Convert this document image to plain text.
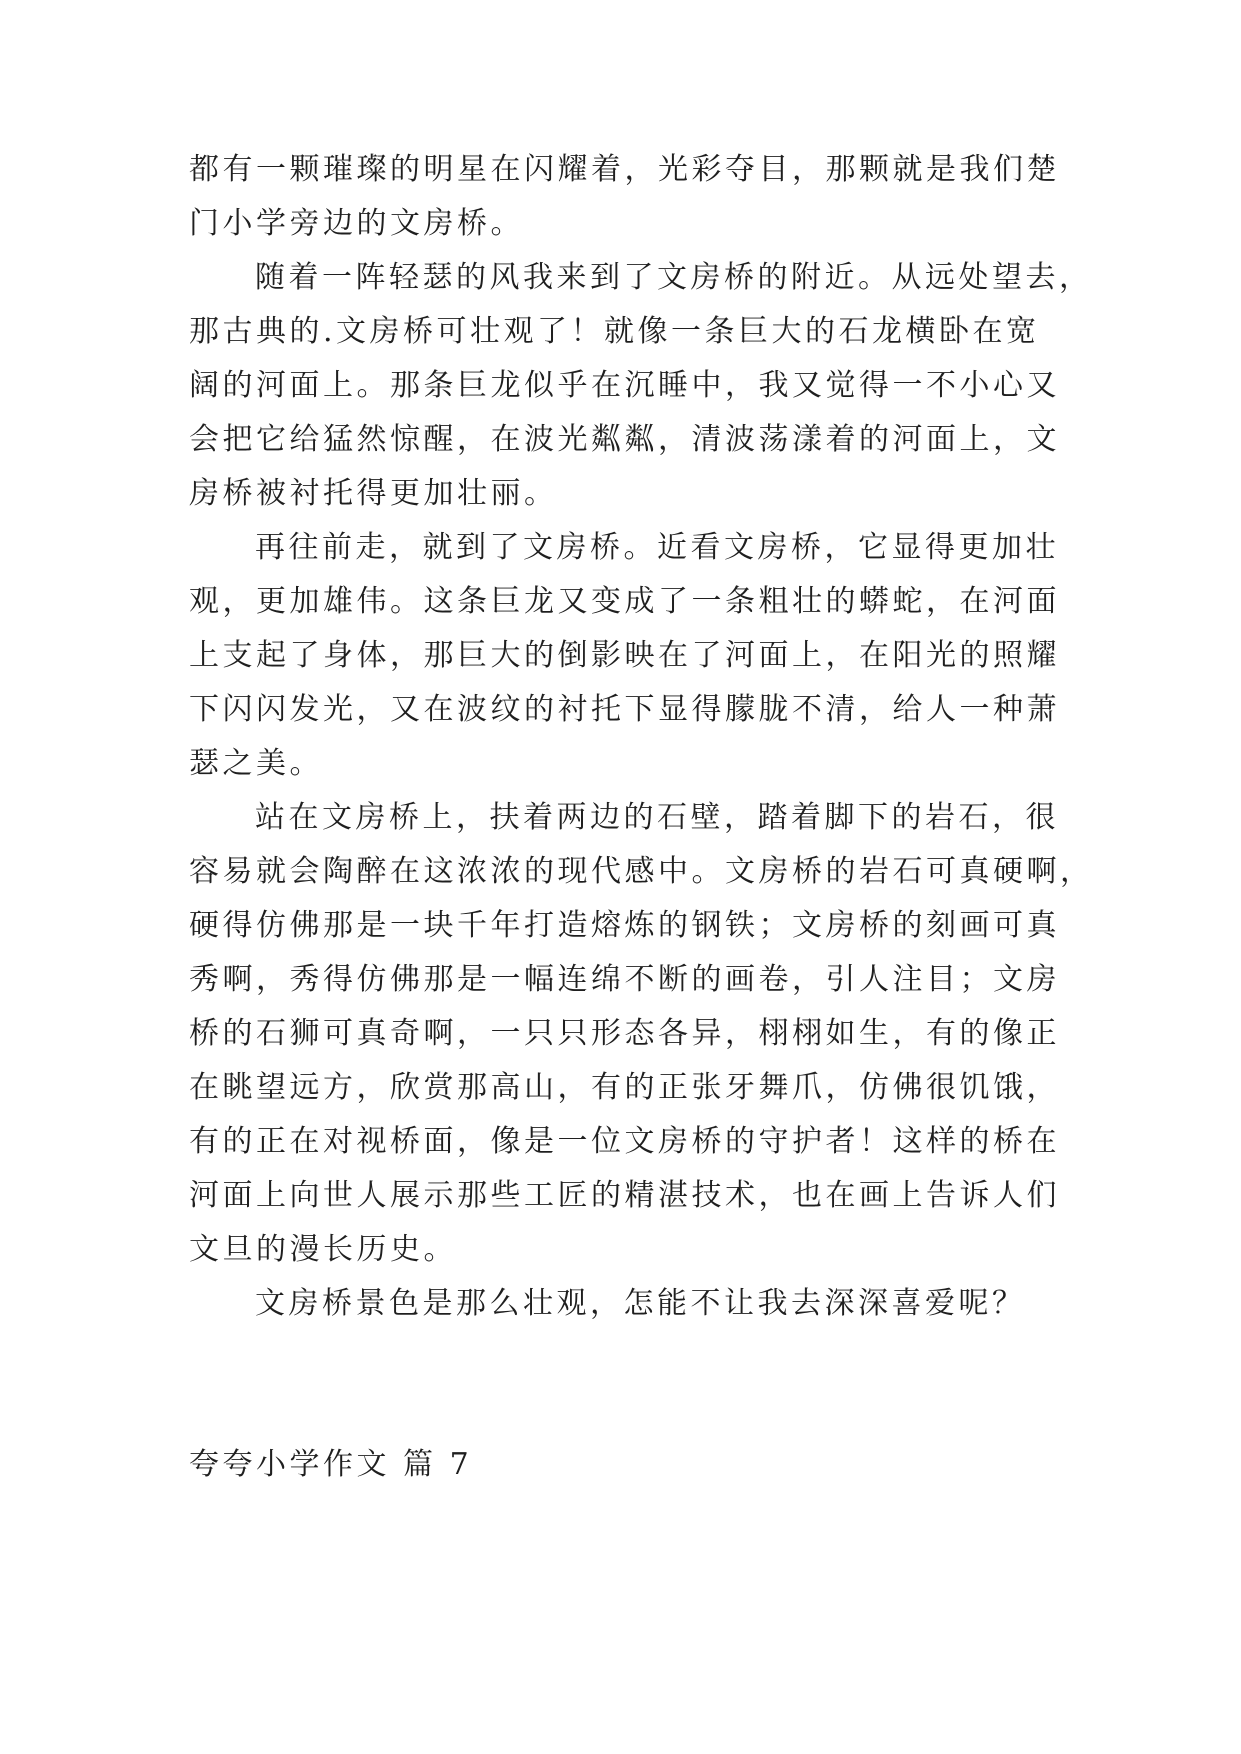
都有一颗璀璨的明星在闪耀着，光彩夺目，那颗就是我们楚
门小学旁边的文房桥。
随着一阵轻瑟的风我来到了文房桥的附近。从远处望去，
那古典的.文房桥可壮观了！就像一条巨大的石龙横卧在宽
阔的河面上。那条巨龙似乎在沉睡中，我又觉得一不小心又
会把它给猛然惊醒，在波光粼粼，清波荡漾着的河面上，文
房桥被衬托得更加壮丽。
再往前走，就到了文房桥。近看文房桥，它显得更加壮
观，更加雄伟。这条巨龙又变成了一条粗壮的蟒蛇，在河面
上支起了身体，那巨大的倒影映在了河面上，在阳光的照耀
下闪闪发光，又在波纹的衬托下显得朦胧不清，给人一种萧
瑟之美。
站在文房桥上，扶着两边的石壁，踏着脚下的岩石，很
容易就会陶醉在这浓浓的现代感中。文房桥的岩石可真硬啊，
硬得仿佛那是一块千年打造熔炼的钢铁；文房桥的刻画可真
秀啊，秀得仿佛那是一幅连绵不断的画卷，引人注目；文房
桥的石狮可真奇啊，一只只形态各异，栩栩如生，有的像正
在眺望远方，欣赏那高山，有的正张牙舞爪，仿佛很饥饿，
有的正在对视桥面，像是一位文房桥的守护者！这样的桥在
河面上向世人展示那些工匠的精湛技术，也在画上告诉人们
文旦的漫长历史。
文房桥景色是那么壮观，怎能不让我去深深喜爱呢？
夸夸小学作文 篇 7
